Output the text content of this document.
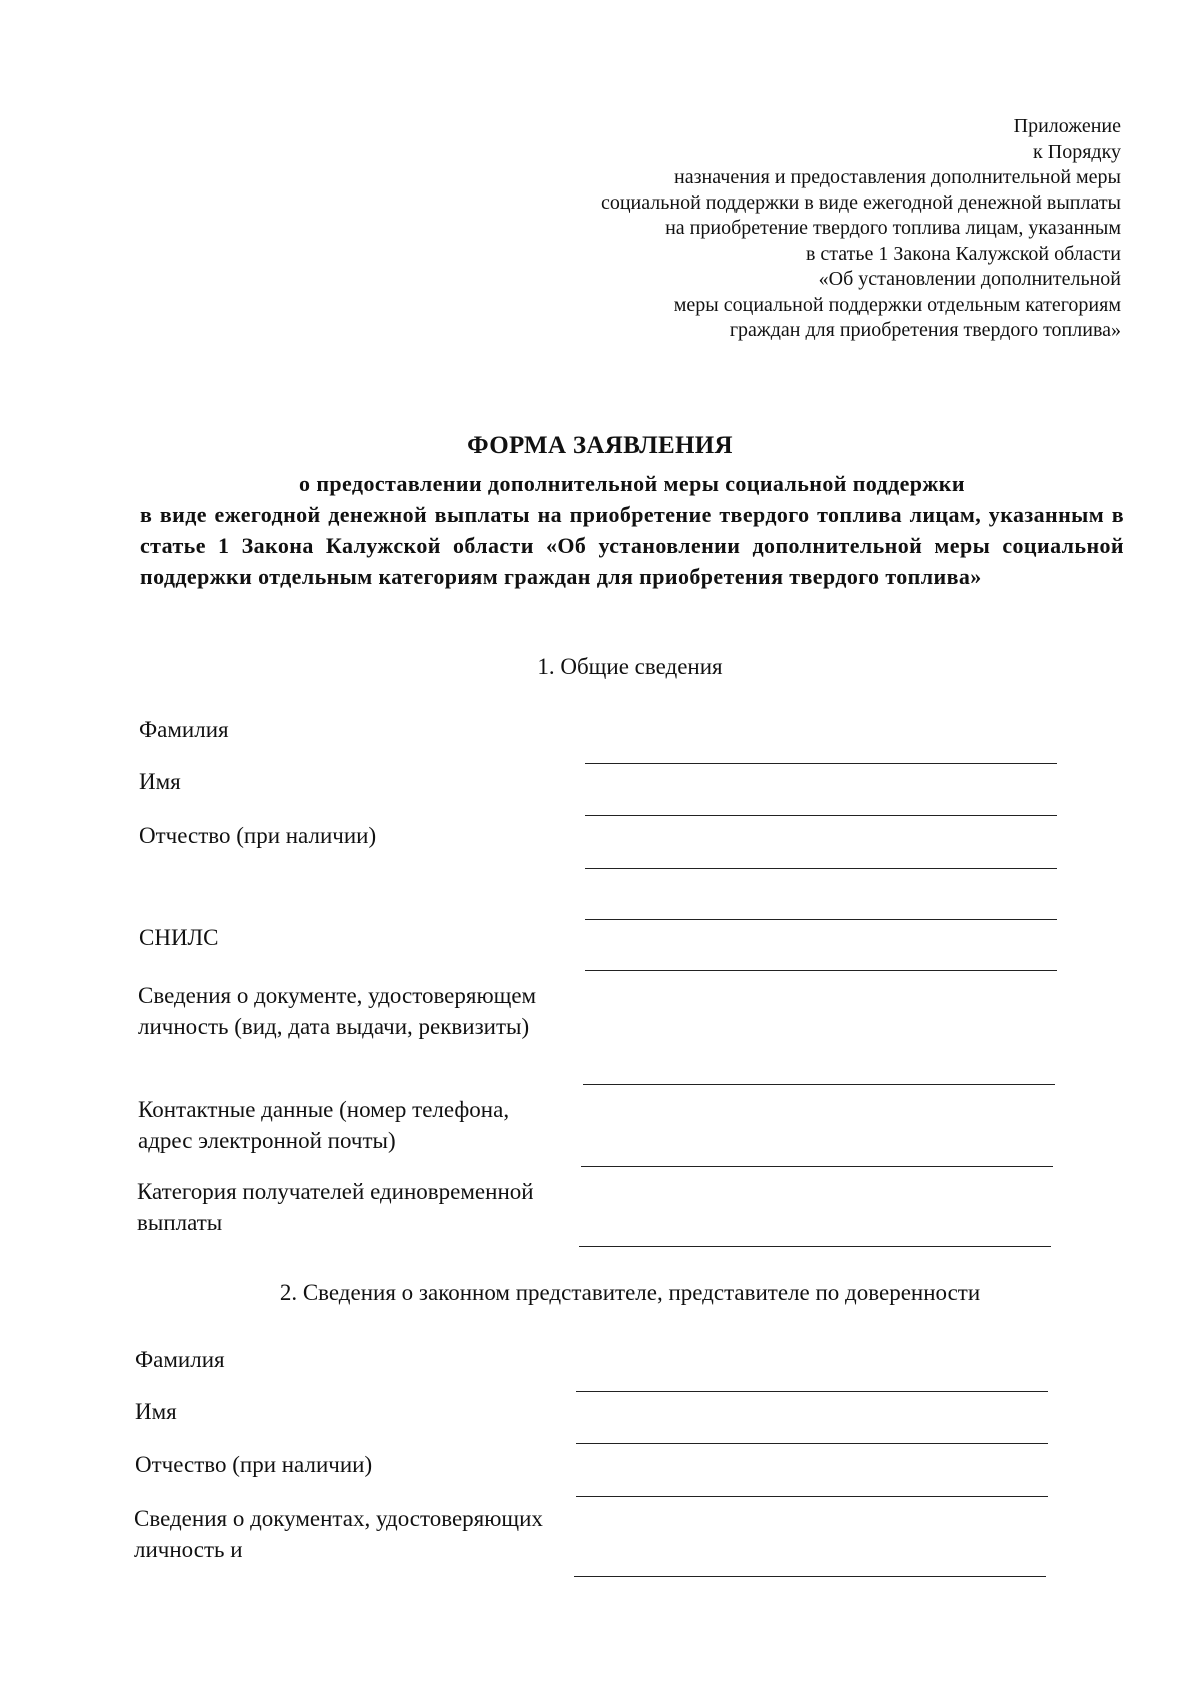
Приложение
к Порядку
назначения и предоставления дополнительной меры
социальной поддержки в виде ежегодной денежной выплаты
на приобретение твердого топлива лицам, указанным
в статье 1 Закона Калужской области
«Об установлении дополнительной
меры социальной поддержки отдельным категориям
граждан для приобретения твердого топлива»
ФОРМА ЗАЯВЛЕНИЯ
о предоставлении дополнительной меры социальной поддержки
в виде ежегодной денежной выплаты на приобретение твердого топлива лицам, указанным в статье 1 Закона Калужской области «Об установлении дополнительной меры социальной поддержки отдельным категориям граждан для приобретения твердого топлива»
1. Общие сведения
Фамилия
Имя
Отчество (при наличии)
СНИЛС
Сведения о документе, удостоверяющем личность (вид, дата выдачи, реквизиты)
Контактные данные (номер телефона, адрес электронной почты)
Категория получателей единовременной выплаты
2. Сведения о законном представителе, представителе по доверенности
Фамилия
Имя
Отчество (при наличии)
Сведения о документах, удостоверяющих личность и
